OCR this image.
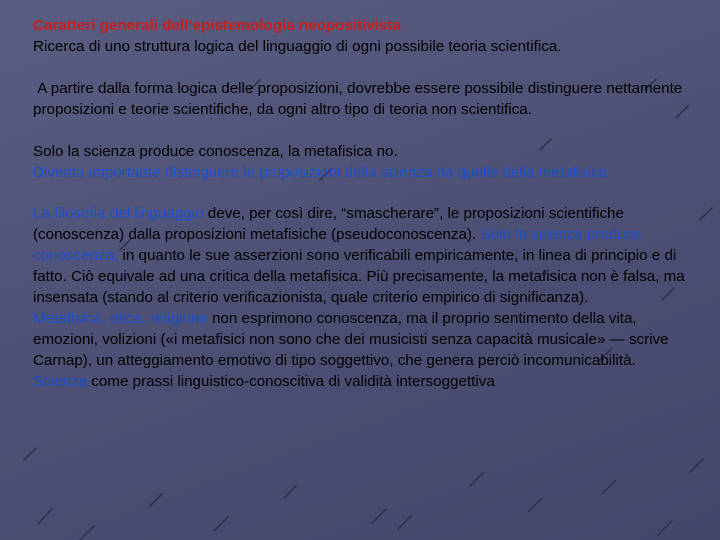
Caratteri generali dell’epistemologia neopositivista

Ricerca di uno struttura logica del linguaggio di ogni possibile teoria scientifica.

A partire dalla forma logica delle proposizioni, dovrebbe essere possibile distinguere nettamente proposizioni e teorie scientifiche, da ogni altro tipo di teoria non scientifica.

Solo la scienza produce conoscenza, la metafisica no.

Diventa importante distinguere le proposizioni della scienza da quelle della metafisica.

La filosofia del linguaggio deve, per così dire, “smascherare”, le proposizioni scientifiche (conoscenza) dalla proposizioni metafisiche (pseudoconoscenza). Solo la scienza produce conoscenza, in quanto le sue asserzioni sono verificabili empiricamente, in linea di principio e di fatto. Ciò equivale ad una critica della metafisica. Più precisamente, la metafisica non è falsa, ma insensata (stando al criterio verificazionista, quale criterio empirico di significanza).
Metafisica, etica, religione non esprimono conoscenza, ma il proprio sentimento della vita, emozioni, volizioni («i metafisici non sono che dei musicisti senza capacità musicale» — scrive Carnap), un atteggiamento emotivo di tipo soggettivo, che genera perciò incomunicabilità.
Scienza come prassi linguistico-conoscitiva di validità intersoggettiva
